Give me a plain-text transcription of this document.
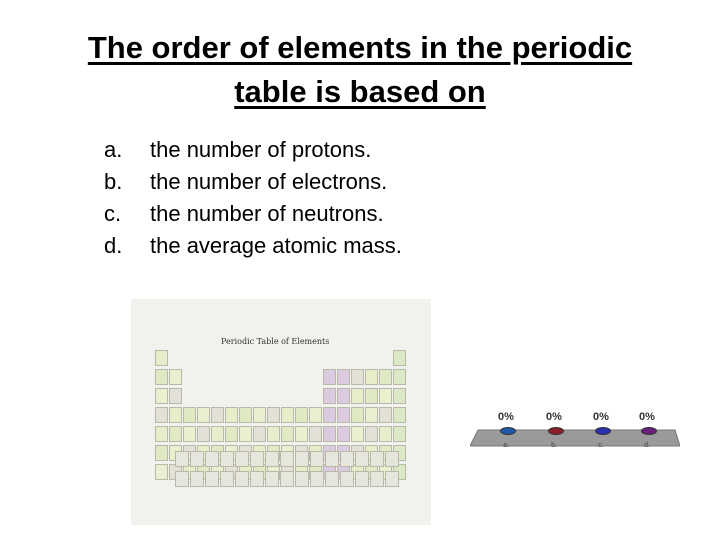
The order of elements in the periodic
table is based on
a.	the number of protons.
b.	the number of electrons.
c.	the number of neutrons.
d.	the average atomic mass.
Periodic Table of Elements
0%
a.
0%
b.
0%
c.
0%
d.
